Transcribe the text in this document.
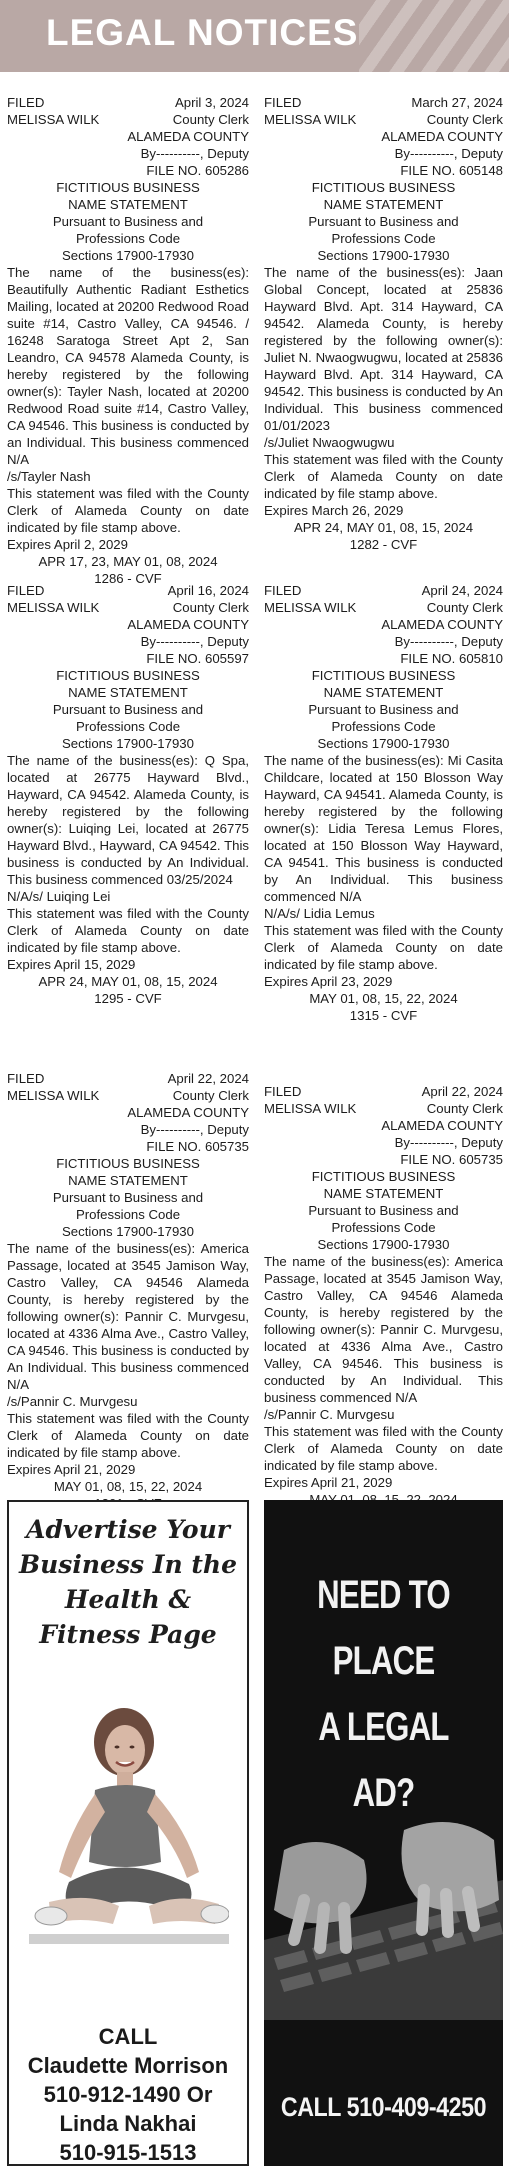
LEGAL NOTICES
FILED	April 3, 2024
MELISSA WILK	County Clerk
ALAMEDA COUNTY
By----------, Deputy
FILE NO. 605286
FICTITIOUS BUSINESS
NAME STATEMENT
Pursuant to Business and
Professions Code
Sections 17900-17930

The name of the business(es): Beautifully Authentic Radiant Esthetics Mailing, located at 20200 Redwood Road suite #14, Castro Valley, CA 94546. / 16248 Saratoga Street Apt 2, San Leandro, CA 94578 Alameda County, is hereby registered by the following owner(s): Tayler Nash, located at 20200 Redwood Road suite #14, Castro Valley, CA 94546. This business is conducted by an Individual. This business commenced N/A

/s/Tayler Nash

This statement was filed with the County Clerk of Alameda County on date indicated by file stamp above.

Expires April 2, 2029

APR 17, 23, MAY 01, 08, 2024
1286 - CVF
FILED	March 27, 2024
MELISSA WILK	County Clerk
ALAMEDA COUNTY
By----------, Deputy
FILE NO. 605148
FICTITIOUS BUSINESS
NAME STATEMENT
Pursuant to Business and
Professions Code
Sections 17900-17930

The name of the business(es): Jaan Global Concept, located at 25836 Hayward Blvd. Apt. 314 Hayward, CA 94542. Alameda County, is hereby registered by the following owner(s): Juliet N. Nwaogwugwu, located at 25836 Hayward Blvd. Apt. 314 Hayward, CA 94542. This business is conducted by An Individual. This business commenced 01/01/2023

/s/Juliet Nwaogwugwu

This statement was filed with the County Clerk of Alameda County on date indicated by file stamp above.

Expires March 26, 2029

APR 24, MAY 01, 08, 15, 2024
1282 - CVF
FILED	April 16, 2024
MELISSA WILK	County Clerk
ALAMEDA COUNTY
By----------, Deputy
FILE NO. 605597
FICTITIOUS BUSINESS
NAME STATEMENT
Pursuant to Business and
Professions Code
Sections 17900-17930

The name of the business(es): Q Spa, located at 26775 Hayward Blvd., Hayward, CA 94542. Alameda County, is hereby registered by the following owner(s): Luiqing Lei, located at 26775 Hayward Blvd., Hayward, CA 94542. This business is conducted by An Individual. This business commenced 03/25/2024

N/A/s/ Luiqing Lei

This statement was filed with the County Clerk of Alameda County on date indicated by file stamp above.

Expires April 15, 2029

APR 24, MAY 01, 08, 15, 2024
1295 - CVF
FILED	April 24, 2024
MELISSA WILK	County Clerk
ALAMEDA COUNTY
By----------, Deputy
FILE NO. 605810
FICTITIOUS BUSINESS
NAME STATEMENT
Pursuant to Business and
Professions Code
Sections 17900-17930

The name of the business(es): Mi Casita Childcare, located at 150 Blosson Way Hayward, CA 94541. Alameda County, is hereby registered by the following owner(s): Lidia Teresa Lemus Flores, located at 150 Blosson Way Hayward, CA 94541. This business is conducted by An Individual. This business commenced N/A

N/A/s/ Lidia Lemus

This statement was filed with the County Clerk of Alameda County on date indicated by file stamp above.

Expires April 23, 2029

MAY 01, 08, 15, 22, 2024
1315 - CVF
FILED	April 22, 2024
MELISSA WILK	County Clerk
ALAMEDA COUNTY
By----------, Deputy
FILE NO. 605735
FICTITIOUS BUSINESS
NAME STATEMENT
Pursuant to Business and
Professions Code
Sections 17900-17930

The name of the business(es): America Passage, located at 3545 Jamison Way, Castro Valley, CA 94546 Alameda County, is hereby registered by the following owner(s): Pannir C. Murvgesu, located at 4336 Alma Ave., Castro Valley, CA 94546. This business is conducted by An Individual. This business commenced N/A

/s/Pannir C. Murvgesu

This statement was filed with the County Clerk of Alameda County on date indicated by file stamp above.

Expires April 21, 2029

MAY 01, 08, 15, 22, 2024
FILED	April 22, 2024
MELISSA WILK	County Clerk
ALAMEDA COUNTY
By----------, Deputy
FILE NO. 605735
FICTITIOUS BUSINESS
NAME STATEMENT
Pursuant to Business and
Professions Code
Sections 17900-17930

The name of the business(es): America Passage, located at 3545 Jamison Way, Castro Valley, CA 94546 Alameda County, is hereby registered by the following owner(s): Pannir C. Murvgesu, located at 4336 Alma Ave., Castro Valley, CA 94546. This business is conducted by An Individual. This business commenced N/A

/s/Pannir C. Murvgesu

This statement was filed with the County Clerk of Alameda County on date indicated by file stamp above.

Expires April 21, 2029

Advertise Your
Business In the
Health &
Fitness Page
CALL
Claudette Morrison
510-912-1490 Or
Linda Nakhai
510-915-1513
NEED TO PLACE
A LEGAL AD?
CALL 510-409-4250
